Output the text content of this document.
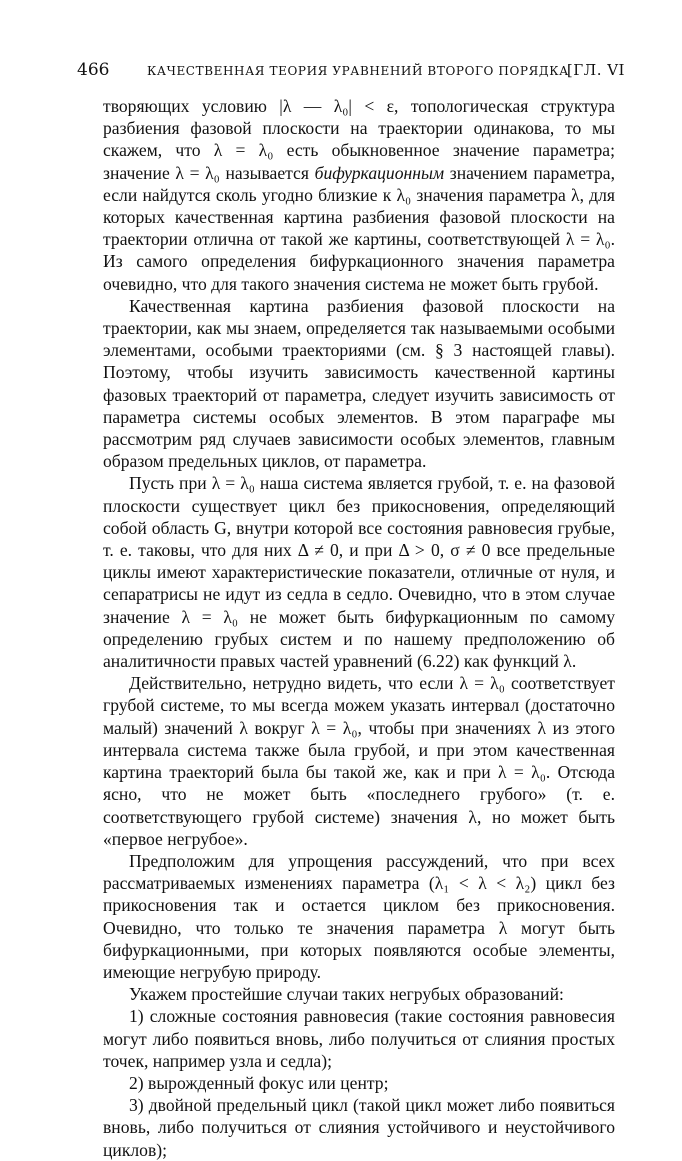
466	КАЧЕСТВЕННАЯ ТЕОРИЯ УРАВНЕНИЙ ВТОРОГО ПОРЯДКА
[ГЛ. VI

творяющих условию |λ — λ₀| < ε, топологическая структура разбиения фазовой плоскости на траектории одинакова, то мы скажем, что λ = λ₀ есть обыкновенное значение параметра; значение λ = λ₀ называется бифуркационным значением параметра, если найдутся сколь угодно близкие к λ₀ значения параметра λ, для которых качественная картина разбиения фазовой плоскости на траектории отлична от такой же картины, соответствующей λ = λ₀. Из самого определения бифуркационного значения параметра очевидно, что для такого значения система не может быть грубой.

Качественная картина разбиения фазовой плоскости на траектории, как мы знаем, определяется так называемыми особыми элементами, особыми траекториями (см. § 3 настоящей главы). Поэтому, чтобы изучить зависимость качественной картины фазовых траекторий от параметра, следует изучить зависимость от параметра системы особых элементов. В этом параграфе мы рассмотрим ряд случаев зависимости особых элементов, главным образом предельных циклов, от параметра.

Пусть при λ = λ₀ наша система является грубой, т. е. на фазовой плоскости существует цикл без прикосновения, определяющий собой область G, внутри которой все состояния равновесия грубые, т. е. таковы, что для них Δ ≠ 0, и при Δ > 0, σ ≠ 0 все предельные циклы имеют характеристические показатели, отличные от нуля, и сепаратрисы не идут из седла в седло. Очевидно, что в этом случае значение λ = λ₀ не может быть бифуркационным по самому определению грубых систем и по нашему предположению об аналитичности правых частей уравнений (6.22) как функций λ.

Действительно, нетрудно видеть, что если λ = λ₀ соответствует грубой системе, то мы всегда можем указать интервал (достаточно малый) значений λ вокруг λ = λ₀, чтобы при значениях λ из этого интервала система также была грубой, и при этом качественная картина траекторий была бы такой же, как и при λ = λ₀. Отсюда ясно, что не может быть «последнего грубого» (т. е. соответствующего грубой системе) значения λ, но может быть «первое негрубое».

Предположим для упрощения рассуждений, что при всех рассматриваемых изменениях параметра (λ₁ < λ < λ₂) цикл без прикосновения так и остается циклом без прикосновения. Очевидно, что только те значения параметра λ могут быть бифуркационными, при которых появляются особые элементы, имеющие негрубую природу.

Укажем простейшие случаи таких негрубых образований:

1) сложные состояния равновесия (такие состояния равновесия могут либо появиться вновь, либо получиться от слияния простых точек, например узла и седла);

2) вырожденный фокус или центр;

3) двойной предельный цикл (такой цикл может либо появиться вновь, либо получиться от слияния устойчивого и неустойчивого циклов);
